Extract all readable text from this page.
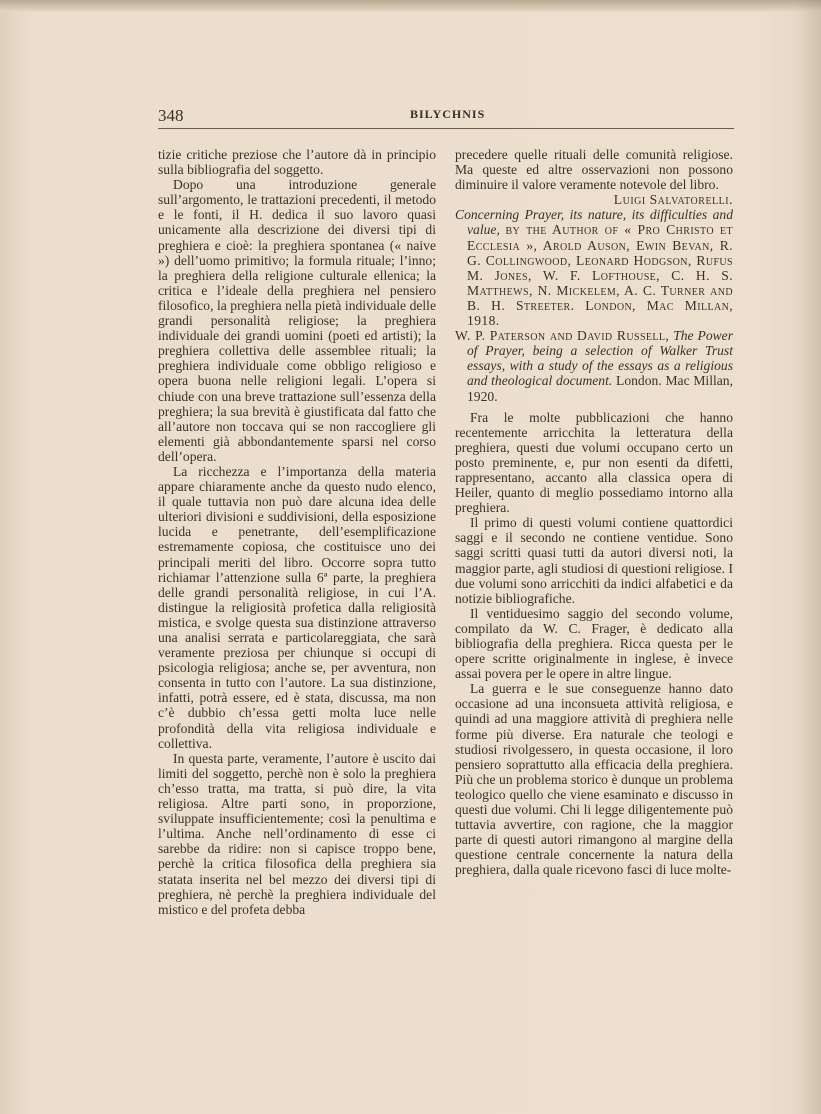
348	BILYCHNIS

tizie critiche preziose che l’autore dà in principio sulla bibliografia del soggetto.

Dopo una introduzione generale sull’argomento, le trattazioni precedenti, il metodo e le fonti, il H. dedica il suo lavoro quasi unicamente alla descrizione dei diversi tipi di preghiera e cioè: la preghiera spontanea (« naive ») dell’uomo primitivo; la formula rituale; l’inno; la preghiera della religione culturale ellenica; la critica e l’ideale della preghiera nel pensiero filosofico, la preghiera nella pietà individuale delle grandi personalità religiose; la preghiera individuale dei grandi uomini (poeti ed artisti); la preghiera collettiva delle assemblee rituali; la preghiera individuale come obbligo religioso e opera buona nelle religioni legali. L’opera si chiude con una breve trattazione sull’essenza della preghiera; la sua brevità è giustificata dal fatto che all’autore non toccava qui se non raccogliere gli elementi già abbondantemente sparsi nel corso dell’opera.

La ricchezza e l’importanza della materia appare chiaramente anche da questo nudo elenco, il quale tuttavia non può dare alcuna idea delle ulteriori divisioni e suddivisioni, della esposizione lucida e penetrante, dell’esemplificazione estremamente copiosa, che costituisce uno dei principali meriti del libro. Occorre sopra tutto richiamar l’attenzione sulla 6ª parte, la preghiera delle grandi personalità religiose, in cui l’A. distingue la religiosità profetica dalla religiosità mistica, e svolge questa sua distinzione attraverso una analisi serrata e particolareggiata, che sarà veramente preziosa per chiunque si occupi di psicologia religiosa; anche se, per avventura, non consenta in tutto con l’autore. La sua distinzione, infatti, potrà essere, ed è stata, discussa, ma non c’è dubbio ch’essa getti molta luce nelle profondità della vita religiosa individuale e collettiva.

In questa parte, veramente, l’autore è uscito dai limiti del soggetto, perchè non è solo la preghiera ch’esso tratta, ma tratta, si può dire, la vita religiosa. Altre parti sono, in proporzione, sviluppate insufficientemente; così la penultima e l’ultima. Anche nell’ordinamento di esse ci sarebbe da ridire: non si capisce troppo bene, perchè la critica filosofica della preghiera sia statata inserita nel bel mezzo dei diversi tipi di preghiera, nè perchè la preghiera individuale del mistico e del profeta debba

precedere quelle rituali delle comunità religiose. Ma queste ed altre osservazioni non possono diminuire il valore veramente notevole del libro.

Luigi Salvatorelli.

Concerning Prayer, its nature, its difficulties and value, by the Author of « Pro Christo et Ecclesia », Arold Auson, Ewin Bevan, R. G. Collingwood, Leonard Hodgson, Rufus M. Jones, W. F. Lofthouse, C. H. S. Matthews, N. Mickelem, A. C. Turner and B. H. Streeter. London, Mac Millan, 1918.

W. P. Paterson and David Russell, The Power of Prayer, being a selection of Walker Trust essays, with a study of the essays as a religious and theological document. London. Mac Millan, 1920.

Fra le molte pubblicazioni che hanno recentemente arricchita la letteratura della preghiera, questi due volumi occupano certo un posto preminente, e, pur non esenti da difetti, rappresentano, accanto alla classica opera di Heiler, quanto di meglio possediamo intorno alla preghiera.

Il primo di questi volumi contiene quattordici saggi e il secondo ne contiene ventidue. Sono saggi scritti quasi tutti da autori diversi noti, la maggior parte, agli studiosi di questioni religiose. I due volumi sono arricchiti da indici alfabetici e da notizie bibliografiche.

Il ventiduesimo saggio del secondo volume, compilato da W. C. Frager, è dedicato alla bibliografia della preghiera. Ricca questa per le opere scritte originalmente in inglese, è invece assai povera per le opere in altre lingue.

La guerra e le sue conseguenze hanno dato occasione ad una inconsueta attività religiosa, e quindi ad una maggiore attività di preghiera nelle forme più diverse. Era naturale che teologi e studiosi rivolgessero, in questa occasione, il loro pensiero soprattutto alla efficacia della preghiera. Più che un problema storico è dunque un problema teologico quello che viene esaminato e discusso in questi due volumi. Chi li legge diligentemente può tuttavia avvertire, con ragione, che la maggior parte di questi autori rimangono al margine della questione centrale concernente la natura della preghiera, dalla quale ricevono fasci di luce molte-
